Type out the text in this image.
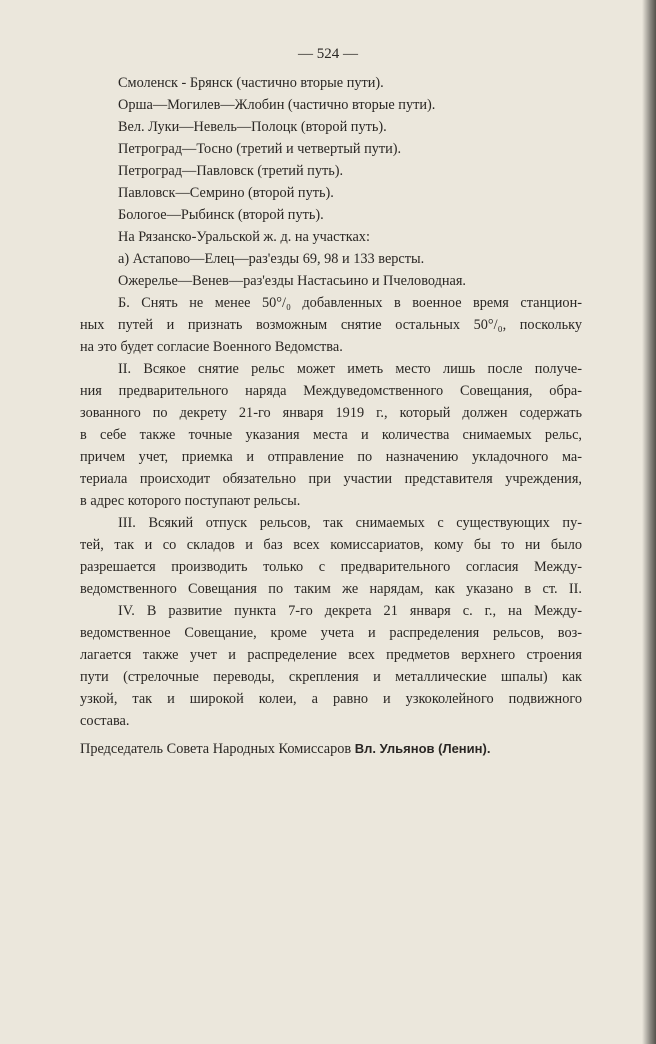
— 524 —
Смоленск - Брянск (частично вторые пути).
Орша—Могилев—Жлобин (частично вторые пути).
Вел. Луки—Невель—Полоцк (второй путь).
Петроград—Тосно (третий и четвертый пути).
Петроград—Павловск (третий путь).
Павловск—Семрино (второй путь).
Бологое—Рыбинск (второй путь).
На Рязанско-Уральской ж. д. на участках:
а) Астапово—Елец—раз'езды 69, 98 и 133 версты.
Ожерелье—Венев—раз'езды Настасьино и Пчеловодная.
Б. Снять не менее 50°/₀ добавленных в военное время станцион-
ных путей и признать возможным снятие остальных 50°/₀, поскольку
на это будет согласие Военного Ведомства.
II. Всякое снятие рельс может иметь место лишь после получе-
ния предварительного наряда Междуведомственного Совещания, обра-
зованного по декрету 21-го января 1919 г., который должен содержать
в себе также точные указания места и количества снимаемых рельс,
причем учет, приемка и отправление по назначению укладочного ма-
териала происходит обязательно при участии представителя учреждения,
в адрес которого поступают рельсы.
III. Всякий отпуск рельсов, так снимаемых с существующих пу-
тей, так и со складов и баз всех комиссариатов, кому бы то ни было
разрешается производить только с предварительного согласия Между-
ведомственного Совещания по таким же нарядам, как указано в ст. II.
IV. В развитие пункта 7-го декрета 21 января с. г., на Между-
ведомственное Совещание, кроме учета и распределения рельсов, воз-
лагается также учет и распределение всех предметов верхнего строения
пути (стрелочные переводы, скрепления и металлические шпалы) как
узкой, так и широкой колеи, а равно и узкоколейного подвижного
состава.
Председатель Совета Народных Комиссаров Вл. Ульянов (Ленин).
